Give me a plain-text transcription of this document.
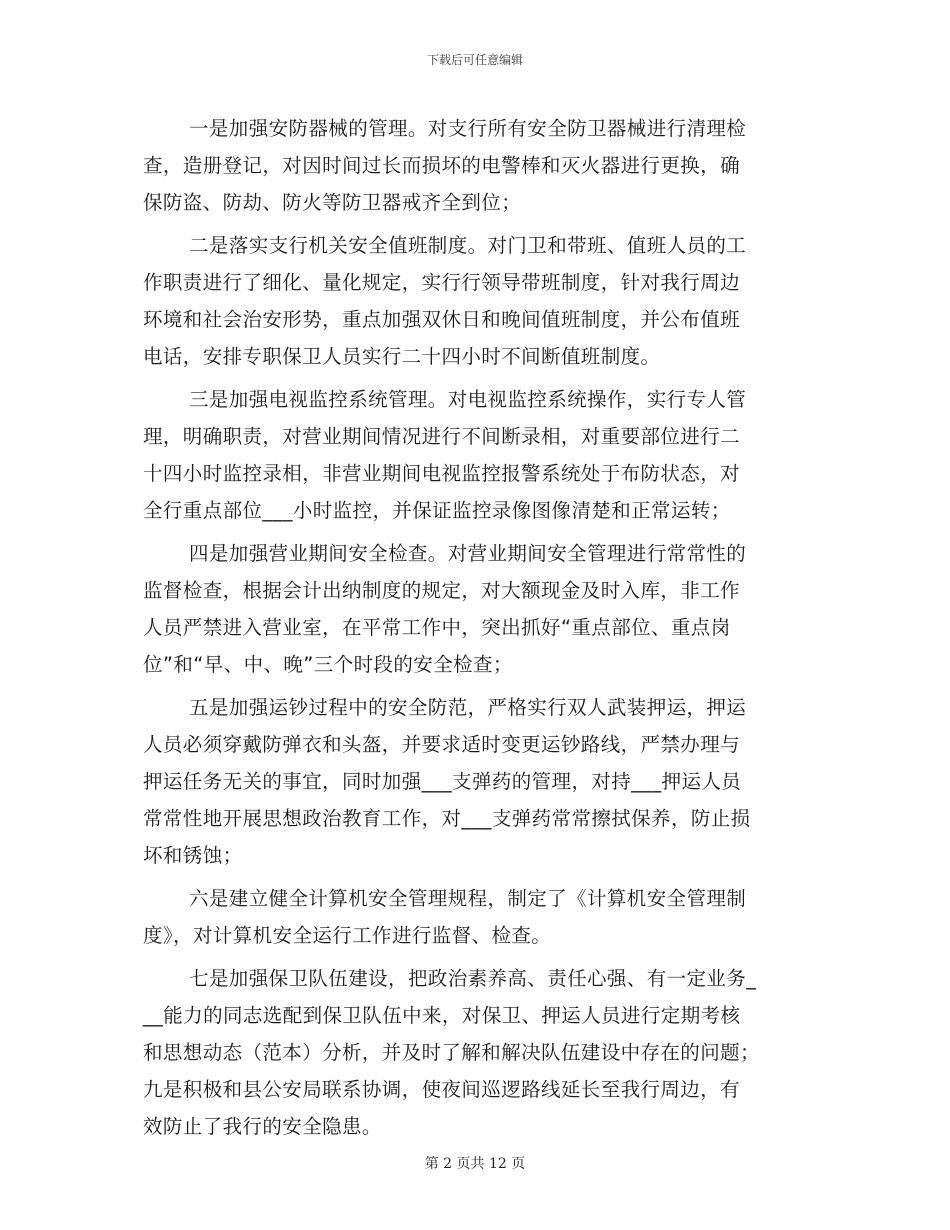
下载后可任意编辑
一是加强安防器械的管理。对支行所有安全防卫器械进行清理检
查，造册登记，对因时间过长而损坏的电警棒和灭火器进行更换，确
保防盗、防劫、防火等防卫器戒齐全到位；
二是落实支行机关安全值班制度。对门卫和带班、值班人员的工
作职责进行了细化、量化规定，实行行领导带班制度，针对我行周边
环境和社会治安形势，重点加强双休日和晚间值班制度，并公布值班
电话，安排专职保卫人员实行二十四小时不间断值班制度。
三是加强电视监控系统管理。对电视监控系统操作，实行专人管
理，明确职责，对营业期间情况进行不间断录相，对重要部位进行二
十四小时监控录相，非营业期间电视监控报警系统处于布防状态，对
全行重点部位___小时监控，并保证监控录像图像清楚和正常运转；
四是加强营业期间安全检查。对营业期间安全管理进行常常性的
监督检查，根据会计出纳制度的规定，对大额现金及时入库，非工作
人员严禁进入营业室，在平常工作中，突出抓好“重点部位、重点岗
位”和“早、中、晚”三个时段的安全检查；
五是加强运钞过程中的安全防范，严格实行双人武装押运，押运
人员必须穿戴防弹衣和头盔，并要求适时变更运钞路线，严禁办理与
押运任务无关的事宜，同时加强___支弹药的管理，对持___押运人员
常常性地开展思想政治教育工作，对___支弹药常常擦拭保养，防止损
坏和锈蚀；
六是建立健全计算机安全管理规程，制定了《计算机安全管理制
度》，对计算机安全运行工作进行监督、检查。
七是加强保卫队伍建设，把政治素养高、责任心强、有一定业务_
__能力的同志选配到保卫队伍中来，对保卫、押运人员进行定期考核
和思想动态（范本）分析，并及时了解和解决队伍建设中存在的问题；
九是积极和县公安局联系协调，使夜间巡逻路线延长至我行周边，有
效防止了我行的安全隐患。
第 2 页共 12 页
